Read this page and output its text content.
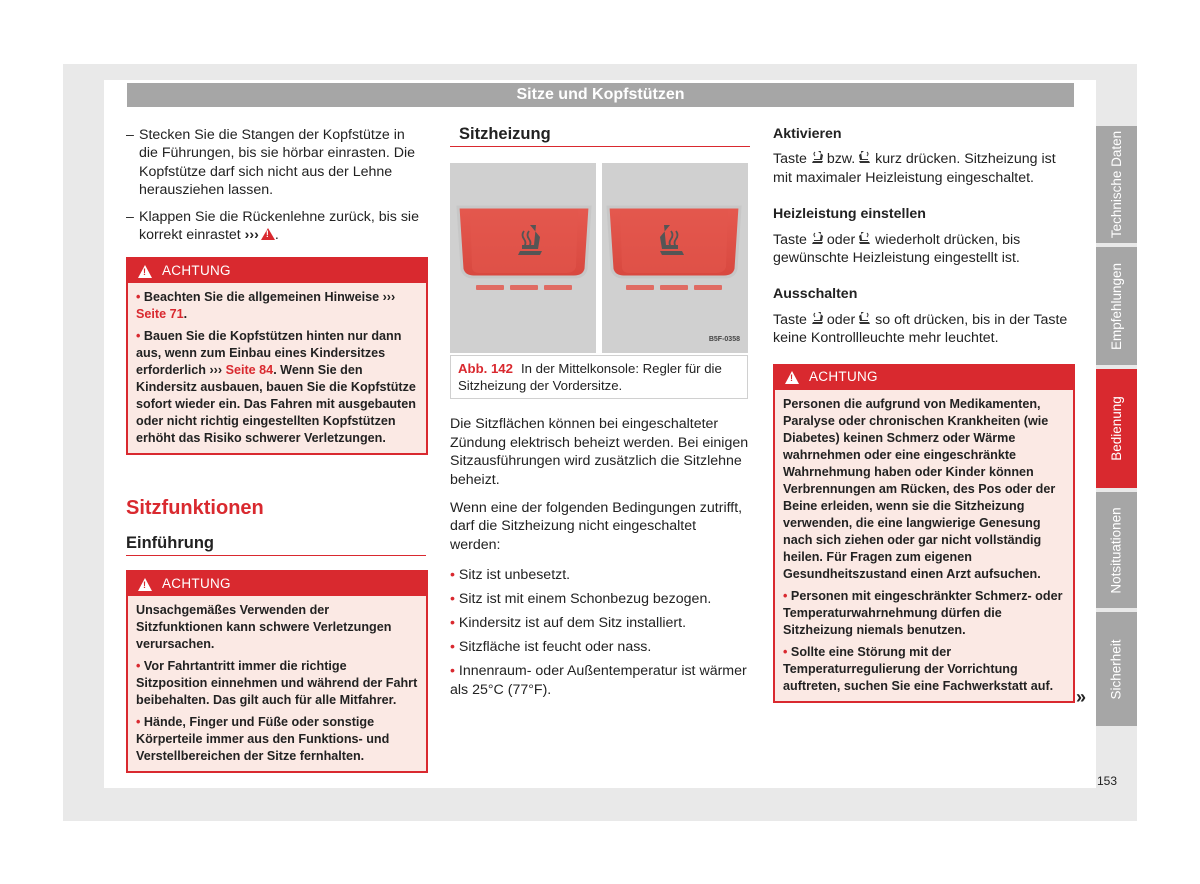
Sitze und Kopfstützen
– Stecken Sie die Stangen der Kopfstütze in die Führungen, bis sie hörbar einrasten. Die Kopfstütze darf sich nicht aus der Lehne herausziehen lassen.
– Klappen Sie die Rückenlehne zurück, bis sie korrekt einrastet ›››! .
!
ACHTUNG

• Beachten Sie die allgemeinen Hinweise ››› Seite 71.

• Bauen Sie die Kopfstützen hinten nur dann aus, wenn zum Einbau eines Kindersitzes erforderlich ››› Seite 84. Wenn Sie den Kindersitz ausbauen, bauen Sie die Kopfstütze sofort wieder ein. Das Fahren mit ausgebauten oder nicht richtig eingestellten Kopfstützen erhöht das Risiko schwerer Verletzungen.

Sitzfunktionen
Einführung
!
ACHTUNG

Unsachgemäßes Verwenden der Sitzfunktionen kann schwere Verletzungen verursachen.

• Vor Fahrtantritt immer die richtige Sitzposition einnehmen und während der Fahrt beibehalten. Das gilt auch für alle Mitfahrer.

• Hände, Finger und Füße oder sonstige Körperteile immer aus den Funktions- und Verstellbereichen der Sitze fernhalten.

Sitzheizung
B5F-0358
Abb. 142 In der Mittelkonsole: Regler für die Sitzheizung der Vordersitze.

Die Sitzflächen können bei eingeschalteter Zündung elektrisch beheizt werden. Bei einigen Sitzausführungen wird zusätzlich die Sitzlehne beheizt.

Wenn eine der folgenden Bedingungen zutrifft, darf die Sitzheizung nicht eingeschaltet werden:

• Sitz ist unbesetzt.
• Sitz ist mit einem Schonbezug bezogen.
• Kindersitz ist auf dem Sitz installiert.
• Sitzfläche ist feucht oder nass.
• Innenraum- oder Außentemperatur ist wärmer als 25°C (77°F).
Aktivieren

Taste bzw. kurz drücken. Sitzheizung ist mit maximaler Heizleistung eingeschaltet.

Heizleistung einstellen

Taste oder wiederholt drücken, bis gewünschte Heizleistung eingestellt ist.

Ausschalten

Taste oder so oft drücken, bis in der Taste keine Kontrollleuchte mehr leuchtet.

!
ACHTUNG

Personen die aufgrund von Medikamenten, Paralyse oder chronischen Krankheiten (wie Diabetes) keinen Schmerz oder Wärme wahrnehmen oder eine eingeschränkte Wahrnehmung haben oder Kinder können Verbrennungen am Rücken, des Pos oder der Beine erleiden, wenn sie die Sitzheizung verwenden, die eine langwierige Genesung nach sich ziehen oder gar nicht vollständig heilen. Für Fragen zum eigenen Gesundheitszustand einen Arzt aufsuchen.

• Personen mit eingeschränkter Schmerz- oder Temperaturwahrnehmung dürfen die Sitzheizung niemals benutzen.

• Sollte eine Störung mit der Temperaturregulierung der Vorrichtung auftreten, suchen Sie eine Fachwerkstatt auf.

»
Technische Daten
Empfehlungen
Bedienung
Notsituationen
Sicherheit
153
